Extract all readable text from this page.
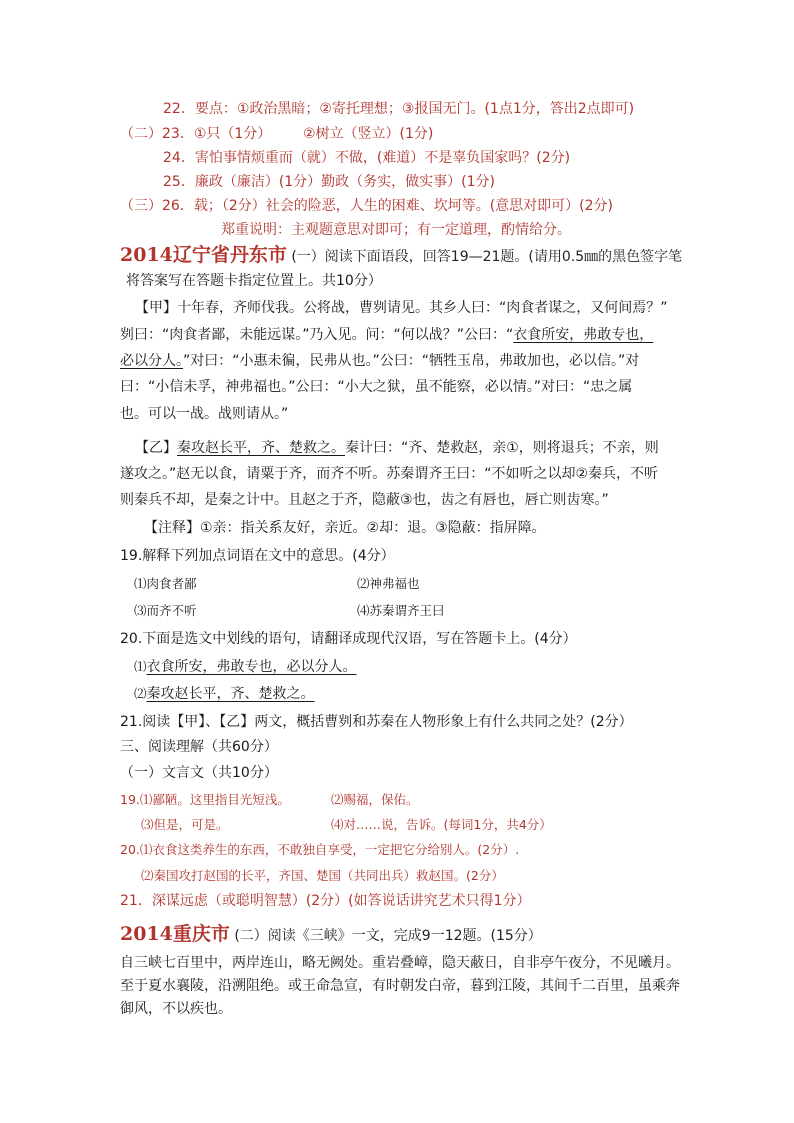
22．要点：①政治黑暗；②寄托理想；③报国无门。(1点1分，答出2点即可)
（二）23．①只（1分） ②树立（竖立）(1分)
24．害怕事情烦重而（就）不做，(难道）不是辜负国家吗？(2分)
25．廉政（廉洁）(1分）勤政（务实，做实事）(1分)
（三）26．载；（2分）社会的险恶，人生的困难、坎坷等。(意思对即可）(2分)
郑重说明：主观题意思对即可；有一定道理，酌情给分。
2014辽宁省丹东市 (一）阅读下面语段，回答19—21题。(请用0.5㎜的黑色签字笔
将答案写在答题卡指定位置上。共10分）
【甲】十年春，齐师伐我。公将战，曹刿请见。其乡人曰：“肉食者谋之，又何间焉？”
刿曰：“肉食者鄙，未能远谋。”乃入见。问：“何以战？”公曰：“衣食所安，弗敢专也，
必以分人。”对曰：“小惠未徧，民弗从也。”公曰：“牺牲玉帛，弗敢加也，必以信。”对
曰：“小信未孚，神弗福也。”公曰：“小大之狱，虽不能察，必以情。”对曰：“忠之属
也。可以一战。战则请从。”
【乙】秦攻赵长平，齐、楚救之。秦计曰：“齐、楚救赵，亲①，则将退兵；不亲，则
遂攻之。”赵无以食，请粟于齐，而齐不听。苏秦谓齐王曰：“不如听之以却②秦兵，不听
则秦兵不却，是秦之计中。且赵之于齐，隐蔽③也，齿之有唇也，唇亡则齿寒。”
【注释】①亲：指关系友好，亲近。②却：退。③隐蔽：指屏障。
19.解释下列加点词语在文中的意思。(4分）
⑴肉食者鄙	⑵神弗福也
⑶而齐不听	⑷苏秦谓齐王曰
20.下面是选文中划线的语句，请翻译成现代汉语，写在答题卡上。(4分）
⑴衣食所安，弗敢专也，必以分人。
⑵秦攻赵长平，齐、楚救之。
21.阅读【甲】、【乙】两文，概括曹刿和苏秦在人物形象上有什么共同之处？(2分）
三、阅读理解（共60分）
（一）文言文（共10分）
19.⑴鄙陋。这里指目光短浅。	⑵赐福，保佑。
⑶但是，可是。	⑷对……说，告诉。(每词1分，共4分）
20.⑴衣食这类养生的东西，不敢独自享受，一定把它分给别人。(2分）.
⑵秦国攻打赵国的长平，齐国、楚国（共同出兵）救赵国。(2分）
21．深谋远虑（或聪明智慧）(2分）(如答说话讲究艺术只得1分）
2014重庆市 (二）阅读《三峡》一文，完成9一12题。(15分）
自三峡七百里中，两岸连山，略无阙处。重岩叠嶂，隐天蔽日，自非亭午夜分，不见曦月。
至于夏水襄陵，沿溯阻绝。或王命急宣，有时朝发白帝，暮到江陵，其间千二百里，虽乘奔
御风，不以疾也。
